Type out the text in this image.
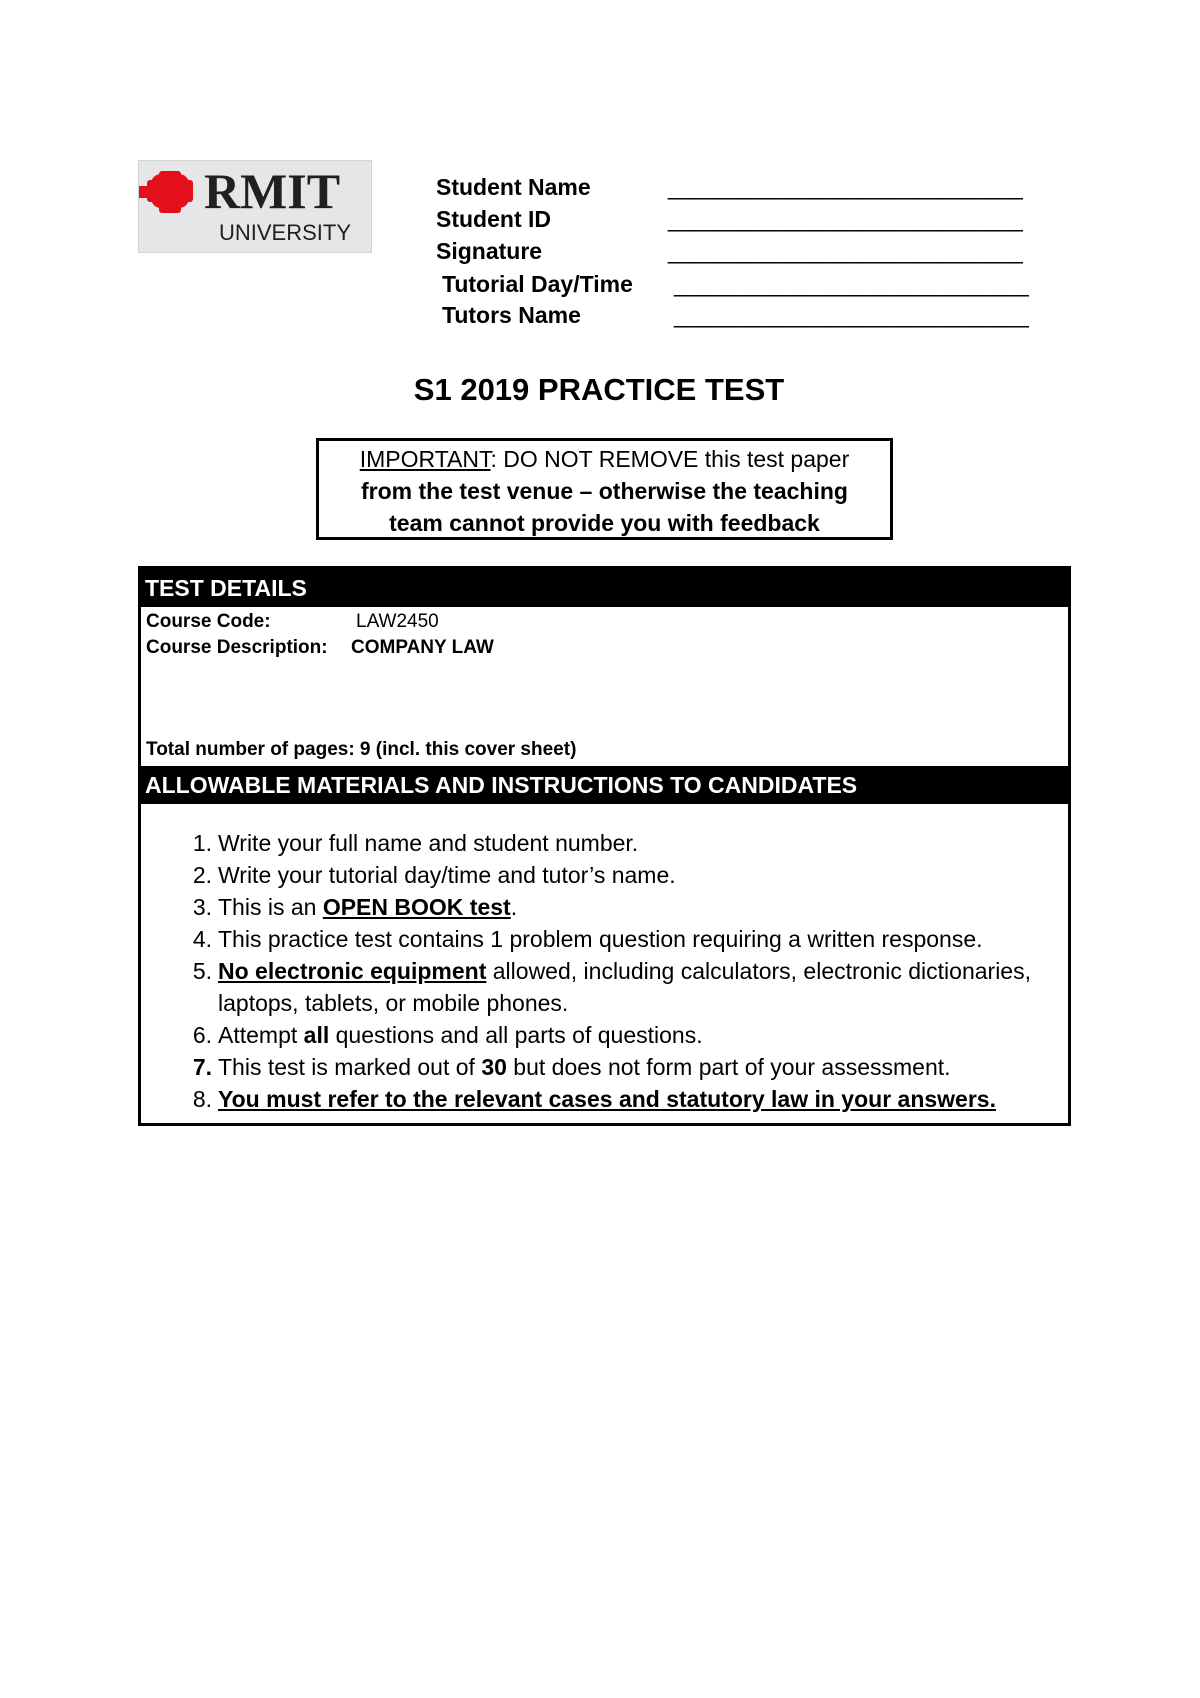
RMIT
UNIVERSITY
Student Name	______________________________
Student ID	______________________________
Signature	______________________________
Tutorial Day/Time ______________________________
Tutors Name	______________________________
S1 2019 PRACTICE TEST
IMPORTANT: DO NOT REMOVE this test paper
from the test venue – otherwise the teaching
team cannot provide you with feedback
TEST DETAILS
Course Code:	LAW2450
Course Description: COMPANY LAW
Total number of pages: 9 (incl. this cover sheet)
ALLOWABLE MATERIALS AND INSTRUCTIONS TO CANDIDATES
1. Write your full name and student number.
2. Write your tutorial day/time and tutor’s name.
3. This is an OPEN BOOK test.
4. This practice test contains 1 problem question requiring a written response.
5. No electronic equipment allowed, including calculators, electronic dictionaries, laptops, tablets, or mobile phones.
6. Attempt all questions and all parts of questions.
7. This test is marked out of 30 but does not form part of your assessment.
8. You must refer to the relevant cases and statutory law in your answers.
